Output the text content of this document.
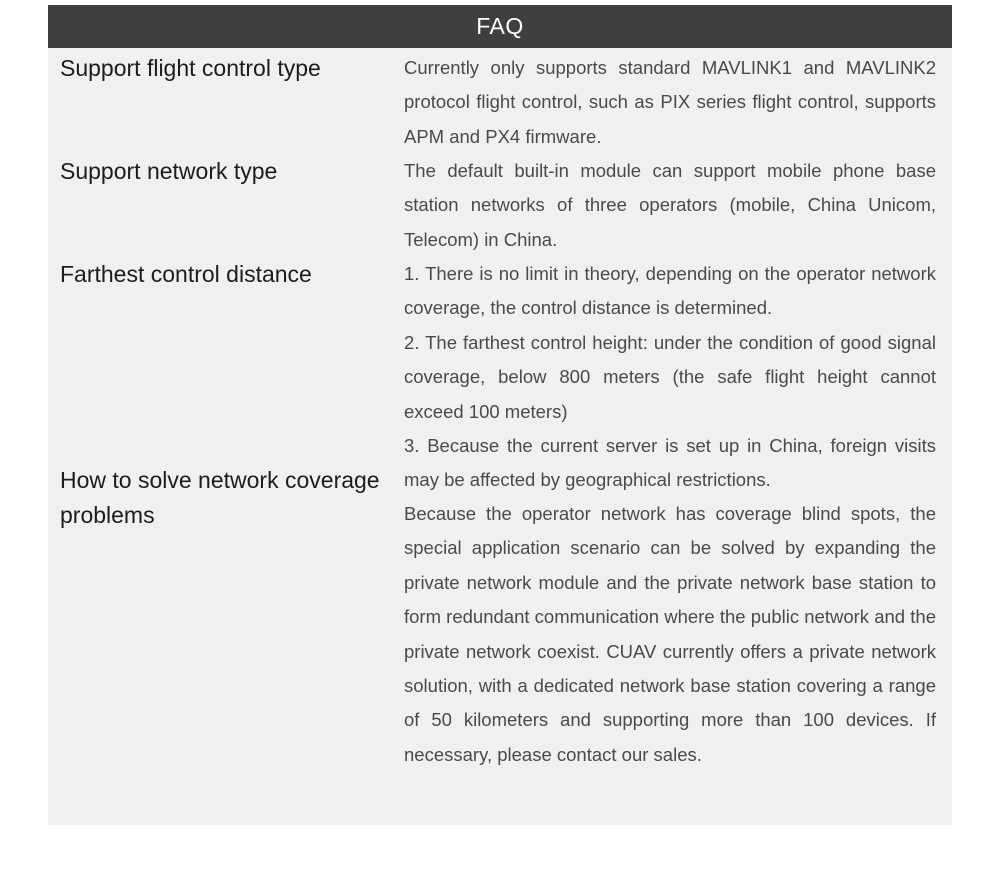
FAQ
Support flight control type	Currently only supports standard MAVLINK1 and MAVLINK2 protocol flight control, such as PIX series flight control, supports APM and PX4 firmware.

Support network type	The default built-in module can support mobile phone base station networks of three operators (mobile, China Unicom, Telecom) in China.

Farthest control distance	1. There is no limit in theory, depending on the operator network coverage, the control distance is determined.

2. The farthest control height: under the condition of good signal coverage, below 800 meters (the safe flight height cannot exceed 100 meters)

3. Because the current server is set up in China, foreign visits may be affected by geographical restrictions.

How to solve network coverage problems	Because the operator network has coverage blind spots, the special application scenario can be solved by expanding the private network module and the private network base station to form redundant communication where the public network and the private network coexist. CUAV currently offers a private network solution, with a dedicated network base station covering a range of 50 kilometers and supporting more than 100 devices. If necessary, please contact our sales.
